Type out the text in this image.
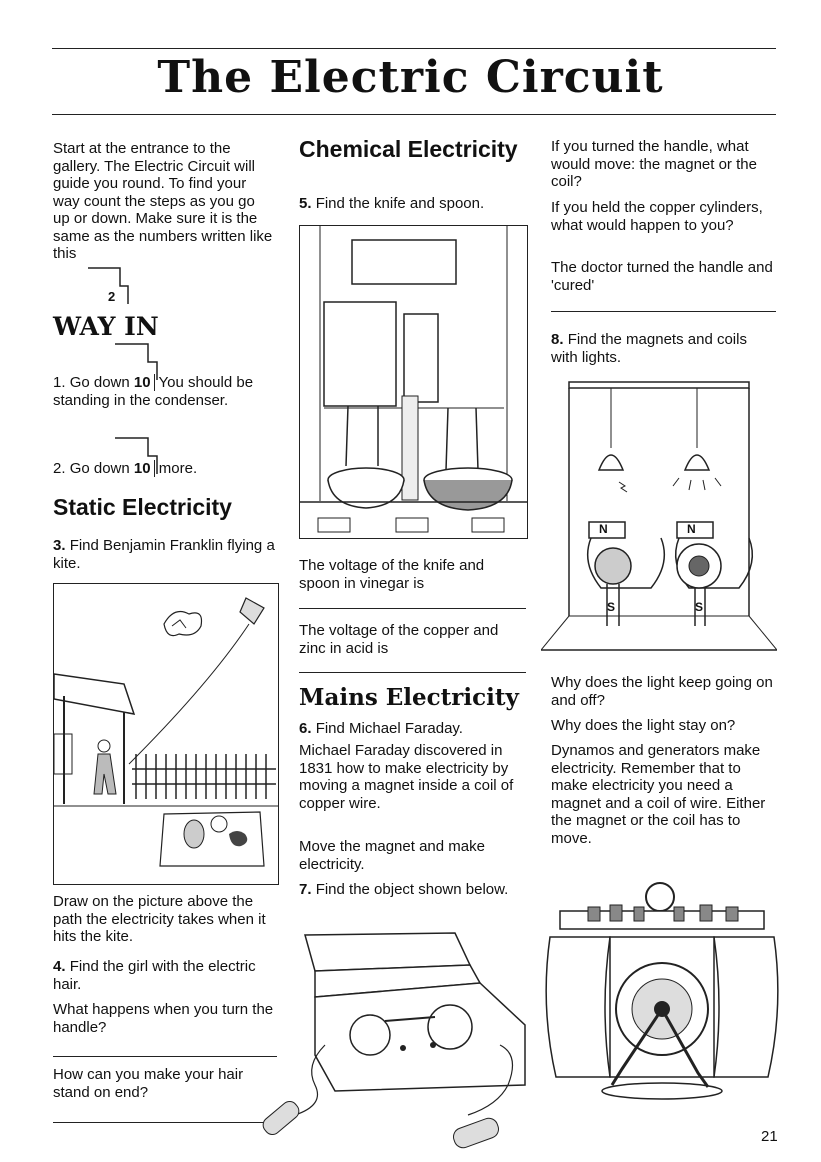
The Electric Circuit
Start at the entrance to the gallery. The Electric Circuit will guide you round. To find your way count the steps as you go up or down. Make sure it is the same as the numbers written like this
2
WAY IN
1. Go down 10 You should be standing in the condenser.
2. Go down 10 more.
Static Electricity
3. Find Benjamin Franklin flying a kite.
Draw on the picture above the path the electricity takes when it hits the kite.
4. Find the girl with the electric hair.
What happens when you turn the handle?
How can you make your hair stand on end?
Chemical Electricity
5. Find the knife and spoon.
The voltage of the knife and spoon in vinegar is
The voltage of the copper and zinc in acid is
Mains Electricity
6. Find Michael Faraday.
Michael Faraday discovered in 1831 how to make electricity by moving a magnet inside a coil of copper wire.
Move the magnet and make electricity.
7. Find the object shown below.
If you turned the handle, what would move: the magnet or the coil?
If you held the copper cylinders, what would happen to you?
The doctor turned the handle and 'cured'
8. Find the magnets and coils with lights.
N	N
S	S
Why does the light keep going on and off?
Why does the light stay on?
Dynamos and generators make electricity. Remember that to make electricity you need a magnet and a coil of wire. Either the magnet or the coil has to move.
21
